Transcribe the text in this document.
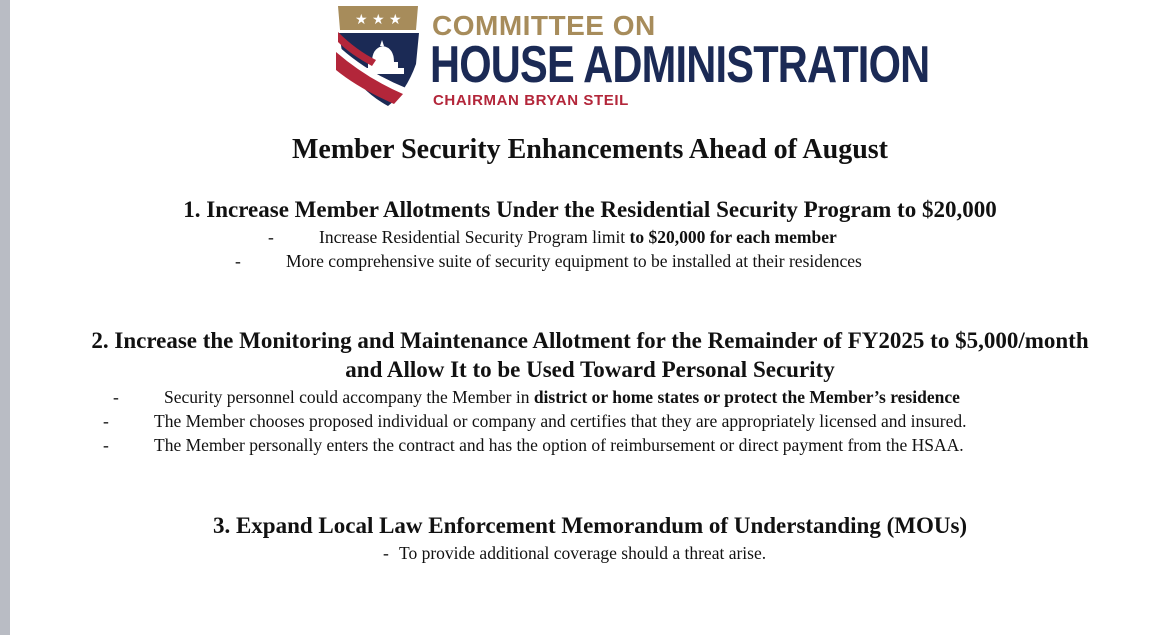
★ ★ ★ COMMITTEE ON
HOUSE ADMINISTRATION
CHAIRMAN BRYAN STEIL
Member Security Enhancements Ahead of August
1. Increase Member Allotments Under the Residential Security Program to $20,000
-	Increase Residential Security Program limit to $20,000 for each member
-	More comprehensive suite of security equipment to be installed at their residences
2. Increase the Monitoring and Maintenance Allotment for the Remainder of FY2025 to $5,000/month
and Allow It to be Used Toward Personal Security
-	Security personnel could accompany the Member in district or home states or protect the Member’s residence
-	The Member chooses proposed individual or company and certifies that they are appropriately licensed and insured.
-	The Member personally enters the contract and has the option of reimbursement or direct payment from the HSAA.
3. Expand Local Law Enforcement Memorandum of Understanding (MOUs)
- To provide additional coverage should a threat arise.
